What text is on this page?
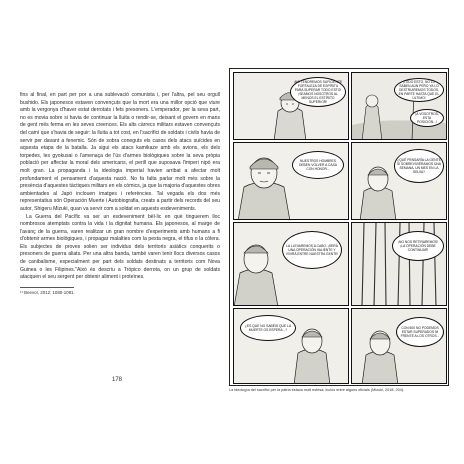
fins al final, en part per por a una sublevació comunista i, per l'altra, pel seu orgull bushido. Els japonesos estaven convençuts que la mort era una millor opció que viure amb la vergonya d'haver estat derrotats i fets presoners. L'emperador, per la seva part, no es movia sobre si havia de continuar la lluita o rendir-se, deixant el govern en mans de gent més ferma en les seves creences. Els alts càrrecs militars estaven convençuts del camí que s'havia de seguir: la lluita a tot cost, en l'sacrifici de soldats i civils havia de servir per davant a fenemic. Són de sobra coneguts els casos dels atacs suïcides en aquesta etapa de la batalla. Ja sigui els atacs kamikaze amb els avions, els dels torpedes, les gyokusai o l'amenaça de l'ús d'armes biològiques sobre la seva pròpia població per affectar la moral dels americans, el perill que suposava l'imperi nipó era molt gran. La propaganda i la ideologia imperial havien arribat a afectar molt profundament el pensament d'aquesta nació. No fa falta parlar molt més sobre la presència d'aquestes tàctiques militars en els còmics, ja que la majoria d'aquestes obres ambientades al Japó inclouen imatges i referències. Tal vegada els dos més representatius són Operación Muerte i Autobiografia, creats a partir dels records del seu autor, Shigeru Mizuki, quan va servir com a soldat en aquests esdeveniments.

La Guerra del Pacífic va ser un esdeveniment bèl·lic en què tinguerem lloc nombrosos atemptats contra la vida i la dignitat humana. Els japonesos, al marge de l'avanç de la guerra, varen realitzar un gran nombre d'experiments amb humans a fi d'obtenir armes biològiques, i propagar malalties com la pesta negra, el tifus o la còlera. Els subjectes de proves solien ser individus dels territoris asiàtics conquerits o presoners de guerra aliats. Per una altra banda, també varen tenir llocs diversos casos de canibalisme, especialment per part dels soldats destinats a territoris com Nova Guinea o les Filipines."Això és descriu a Trópico derrota, on un grup de soldats atacquen el seu sergent per obtenir aliment i proteïnes.

¹¹ Beevor, 2012: 1080-1081.
178
¡NO TENDREMOS SUFICIENTE FORTALEZA DE ESPÍRITU PARA SUPERAR TODO ESTO! ¡SEAMOS NOSOTROS AL MENOS EL ESTÍRITO SUPERIOR!
¡TODO ESTO, NO LO SABEN AÚN PERO YA LO DESTRUIREMOS TODOS, EN PARTE HASTA QUE EL ÚLTIMO!
¡A VOSOTROS, ESTA POSICIÓN...!
NUESTROS HOMBRES DEBEN VOLVER A CASA CON HONOR...
¿QUÉ PENSARÍA LA GENTE SI SOBREVIVIÉRAMOS UNA SEMANA, UN MES EN LA SELVA?
LA LLEVAREMOS A CABO: ¡SERÁ UNA OPERACIÓN VALIENTE Y VIVIRÁ ENTRE NUESTRA GENTE!
¡NO NOS RETIRAREMOS! ¡LA OPERACIÓN DEBE CONTINUAR!
¿ES QUE NO SABÉIS QUE LA MUERTE OS ESPERA...?	CON 500 NO PODEMOS ESTAR SUPERADOS NI FRENTE A LOS OTROS...
La ideología del sacrifici per la pàtria estava molt estesa, inclús entre alguns oficials (Mizuki, 2018: 204).
